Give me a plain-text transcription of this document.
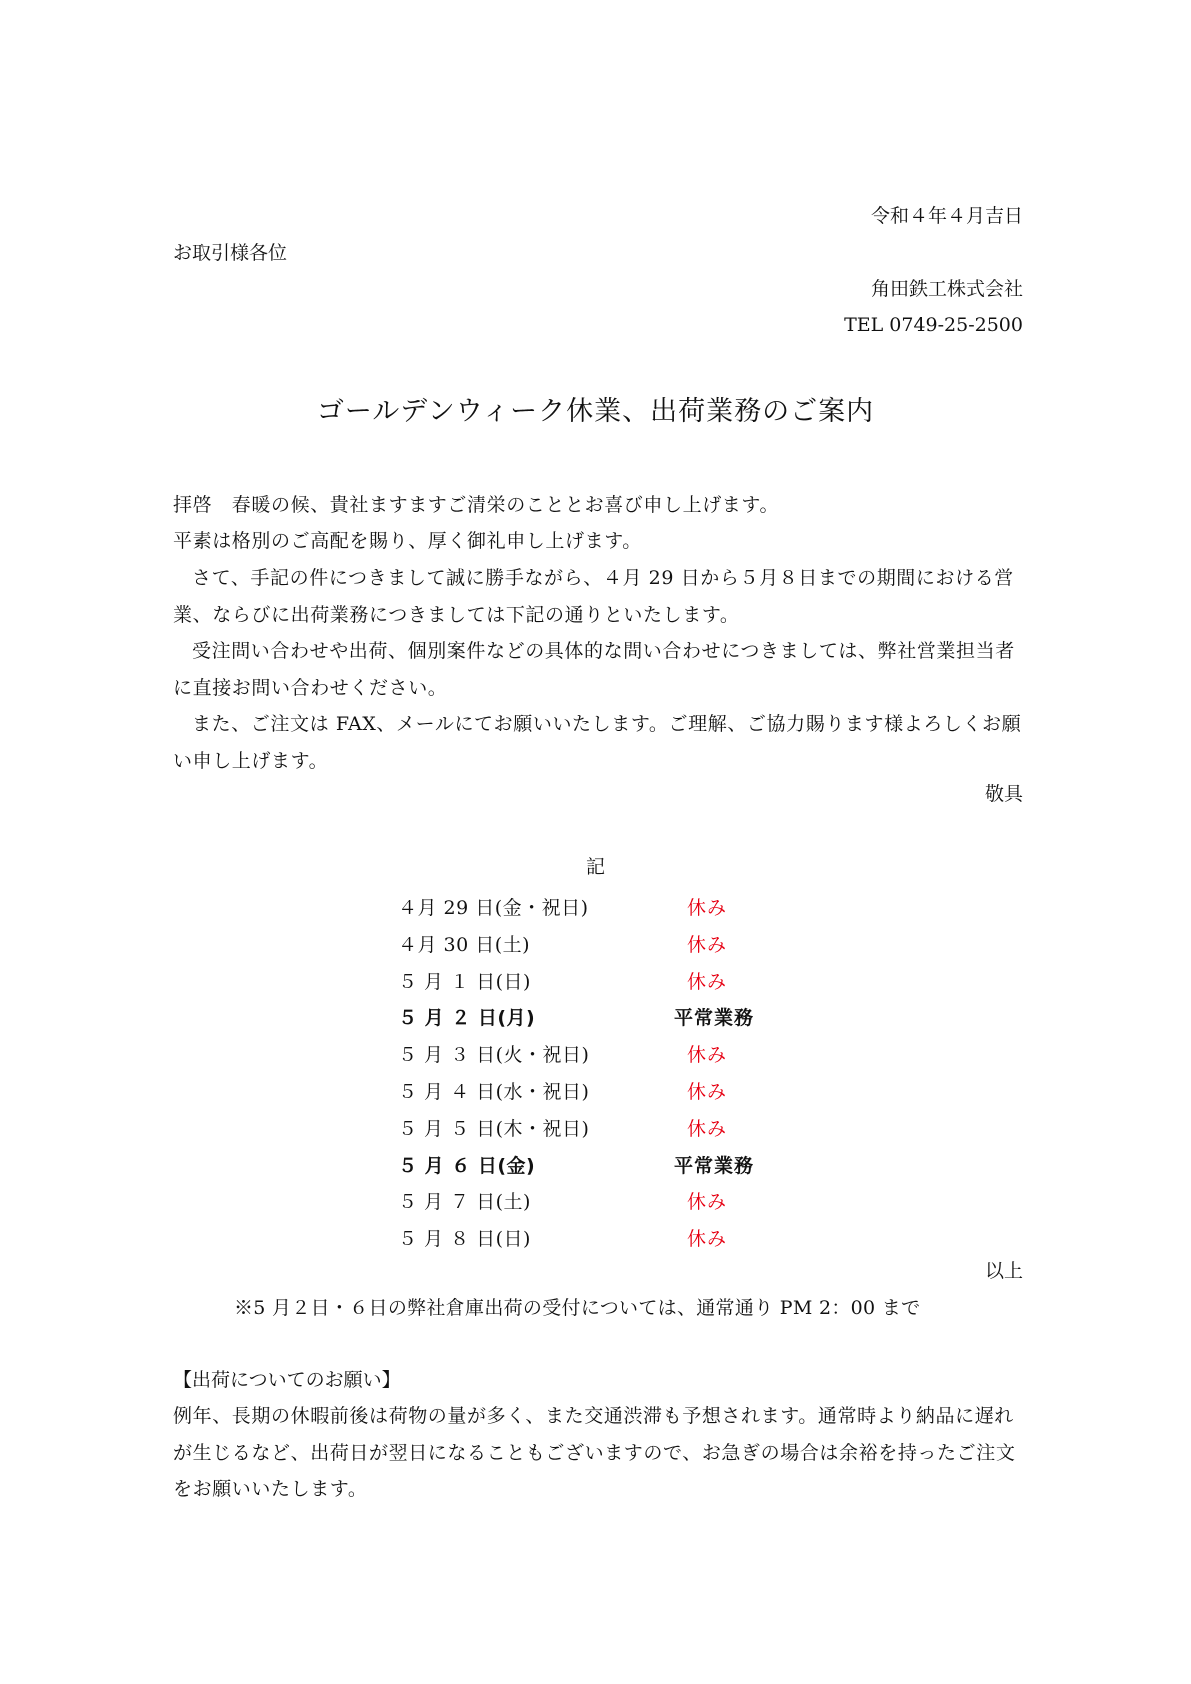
令和４年４月吉日
お取引様各位
角田鉄工株式会社
TEL 0749-25-2500
ゴールデンウィーク休業、出荷業務のご案内
拝啓　春暖の候、貴社ますますご清栄のこととお喜び申し上げます。
平素は格別のご高配を賜り、厚く御礼申し上げます。
さて、手記の件につきまして誠に勝手ながら、４月 29 日から５月８日までの期間における営業、ならびに出荷業務につきましては下記の通りといたします。
受注問い合わせや出荷、個別案件などの具体的な問い合わせにつきましては、弊社営業担当者に直接お問い合わせください。
また、ご注文は FAX、メールにてお願いいたします。ご理解、ご協力賜ります様よろしくお願い申し上げます。
敬具
記
４月 29 日(金・祝日)	休み
４月 30 日(土)	休み
５ 月 １ 日(日)	休み
５ 月 ２ 日(月)	平常業務
５ 月 ３ 日(火・祝日)	休み
５ 月 ４ 日(水・祝日)	休み
５ 月 ５ 日(木・祝日)	休み
５ 月 ６ 日(金)	平常業務
５ 月 ７ 日(土)	休み
５ 月 ８ 日(日)	休み
以上
※5 月２日・６日の弊社倉庫出荷の受付については、通常通り PM 2：00 まで
【出荷についてのお願い】
例年、長期の休暇前後は荷物の量が多く、また交通渋滞も予想されます。通常時より納品に遅れが生じるなど、出荷日が翌日になることもございますので、お急ぎの場合は余裕を持ったご注文をお願いいたします。
